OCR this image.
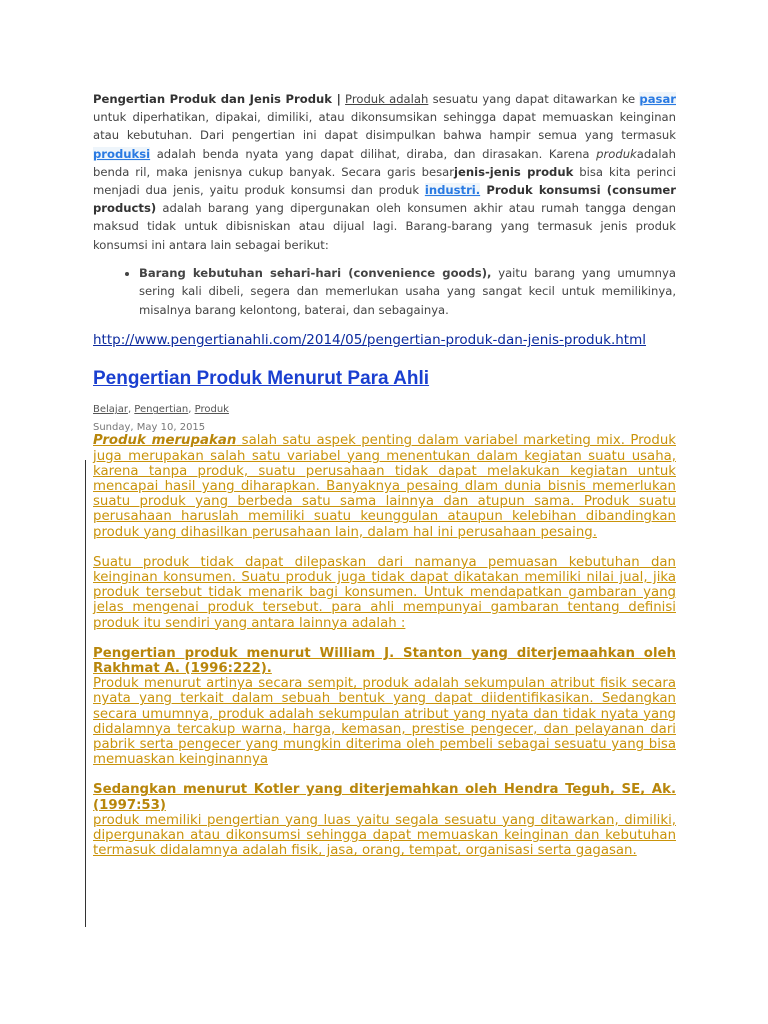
Pengertian Produk dan Jenis Produk | Produk adalah sesuatu yang dapat ditawarkan ke pasar untuk diperhatikan, dipakai, dimiliki, atau dikonsumsikan sehingga dapat memuaskan keinginan atau kebutuhan. Dari pengertian ini dapat disimpulkan bahwa hampir semua yang termasuk produksi adalah benda nyata yang dapat dilihat, diraba, dan dirasakan. Karena produkadalah benda ril, maka jenisnya cukup banyak. Secara garis besarjenis-jenis produk bisa kita perinci menjadi dua jenis, yaitu produk konsumsi dan produk industri. Produk konsumsi (consumer products) adalah barang yang dipergunakan oleh konsumen akhir atau rumah tangga dengan maksud tidak untuk dibisniskan atau dijual lagi. Barang-barang yang termasuk jenis produk konsumsi ini antara lain sebagai berikut:

• Barang kebutuhan sehari-hari (convenience goods), yaitu barang yang umumnya sering kali dibeli, segera dan memerlukan usaha yang sangat kecil untuk memilikinya, misalnya barang kelontong, baterai, dan sebagainya.
http://www.pengertianahli.com/2014/05/pengertian-produk-dan-jenis-produk.html
Pengertian Produk Menurut Para Ahli
Belajar, Pengertian, Produk
Sunday, May 10, 2015

Produk merupakan salah satu aspek penting dalam variabel marketing mix. Produk juga merupakan salah satu variabel yang menentukan dalam kegiatan suatu usaha, karena tanpa produk, suatu perusahaan tidak dapat melakukan kegiatan untuk mencapai hasil yang diharapkan. Banyaknya pesaing dlam dunia bisnis memerlukan suatu produk yang berbeda satu sama lainnya dan atupun sama. Produk suatu perusahaan haruslah memiliki suatu keunggulan ataupun kelebihan dibandingkan produk yang dihasilkan perusahaan lain, dalam hal ini perusahaan pesaing.

Suatu produk tidak dapat dilepaskan dari namanya pemuasan kebutuhan dan keinginan konsumen. Suatu produk juga tidak dapat dikatakan memiliki nilai jual, jika produk tersebut tidak menarik bagi konsumen. Untuk mendapatkan gambaran yang jelas mengenai produk tersebut. para ahli mempunyai gambaran tentang definisi produk itu sendiri yang antara lainnya adalah :

Pengertian produk menurut William J. Stanton yang diterjemaahkan oleh Rakhmat A. (1996:222).
Produk menurut artinya secara sempit, produk adalah sekumpulan atribut fisik secara nyata yang terkait dalam sebuah bentuk yang dapat diidentifikasikan. Sedangkan secara umumnya, produk adalah sekumpulan atribut yang nyata dan tidak nyata yang didalamnya tercakup warna, harga, kemasan, prestise pengecer, dan pelayanan dari pabrik serta pengecer yang mungkin diterima oleh pembeli sebagai sesuatu yang bisa memuaskan keinginannya

Sedangkan menurut Kotler yang diterjemahkan oleh Hendra Teguh, SE, Ak. (1997:53)
produk memiliki pengertian yang luas yaitu segala sesuatu yang ditawarkan, dimiliki, dipergunakan atau dikonsumsi sehingga dapat memuaskan keinginan dan kebutuhan termasuk didalamnya adalah fisik, jasa, orang, tempat, organisasi serta gagasan.
